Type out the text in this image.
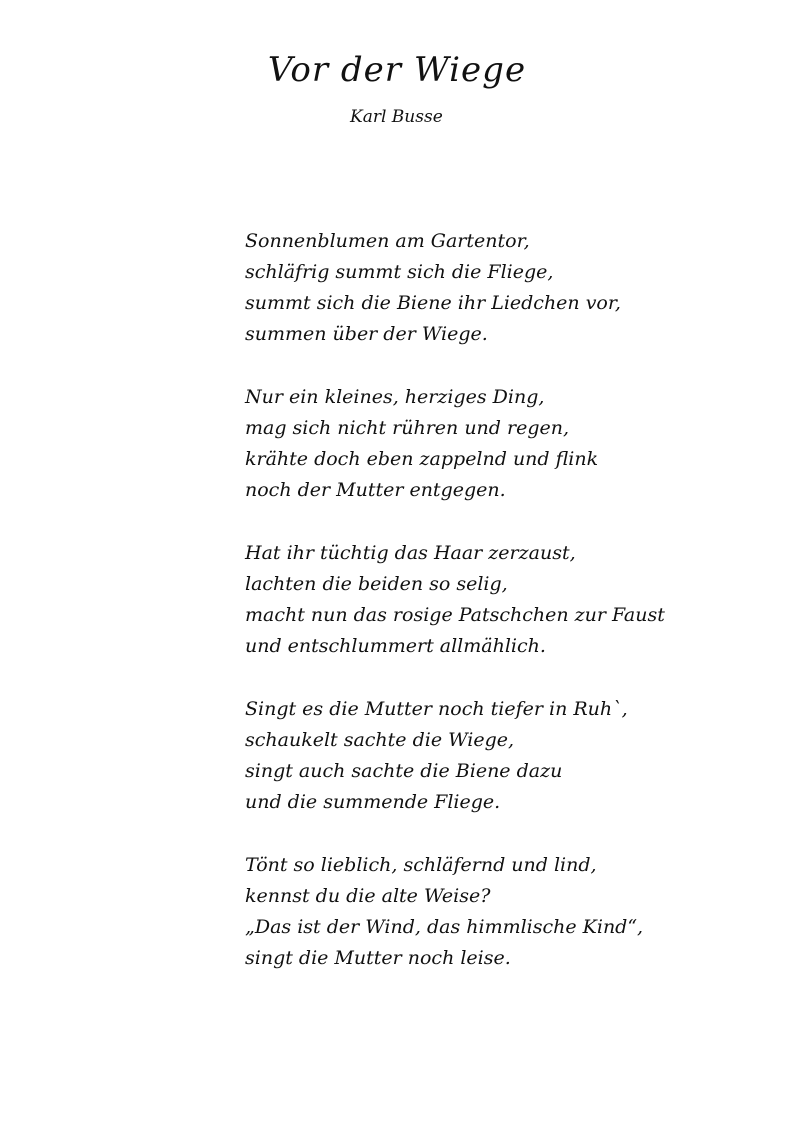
Vor der Wiege

Karl Busse

Sonnenblumen am Gartentor,
schläfrig summt sich die Fliege,
summt sich die Biene ihr Liedchen vor,
summen über der Wiege.
Nur ein kleines, herziges Ding,
mag sich nicht rühren und regen,
krähte doch eben zappelnd und flink
noch der Mutter entgegen.
Hat ihr tüchtig das Haar zerzaust,
lachten die beiden so selig,
macht nun das rosige Patschchen zur Faust
und entschlummert allmählich.
Singt es die Mutter noch tiefer in Ruh`,
schaukelt sachte die Wiege,
singt auch sachte die Biene dazu
und die summende Fliege.
Tönt so lieblich, schläfernd und lind,
kennst du die alte Weise?
„Das ist der Wind, das himmlische Kind“,
singt die Mutter noch leise.
